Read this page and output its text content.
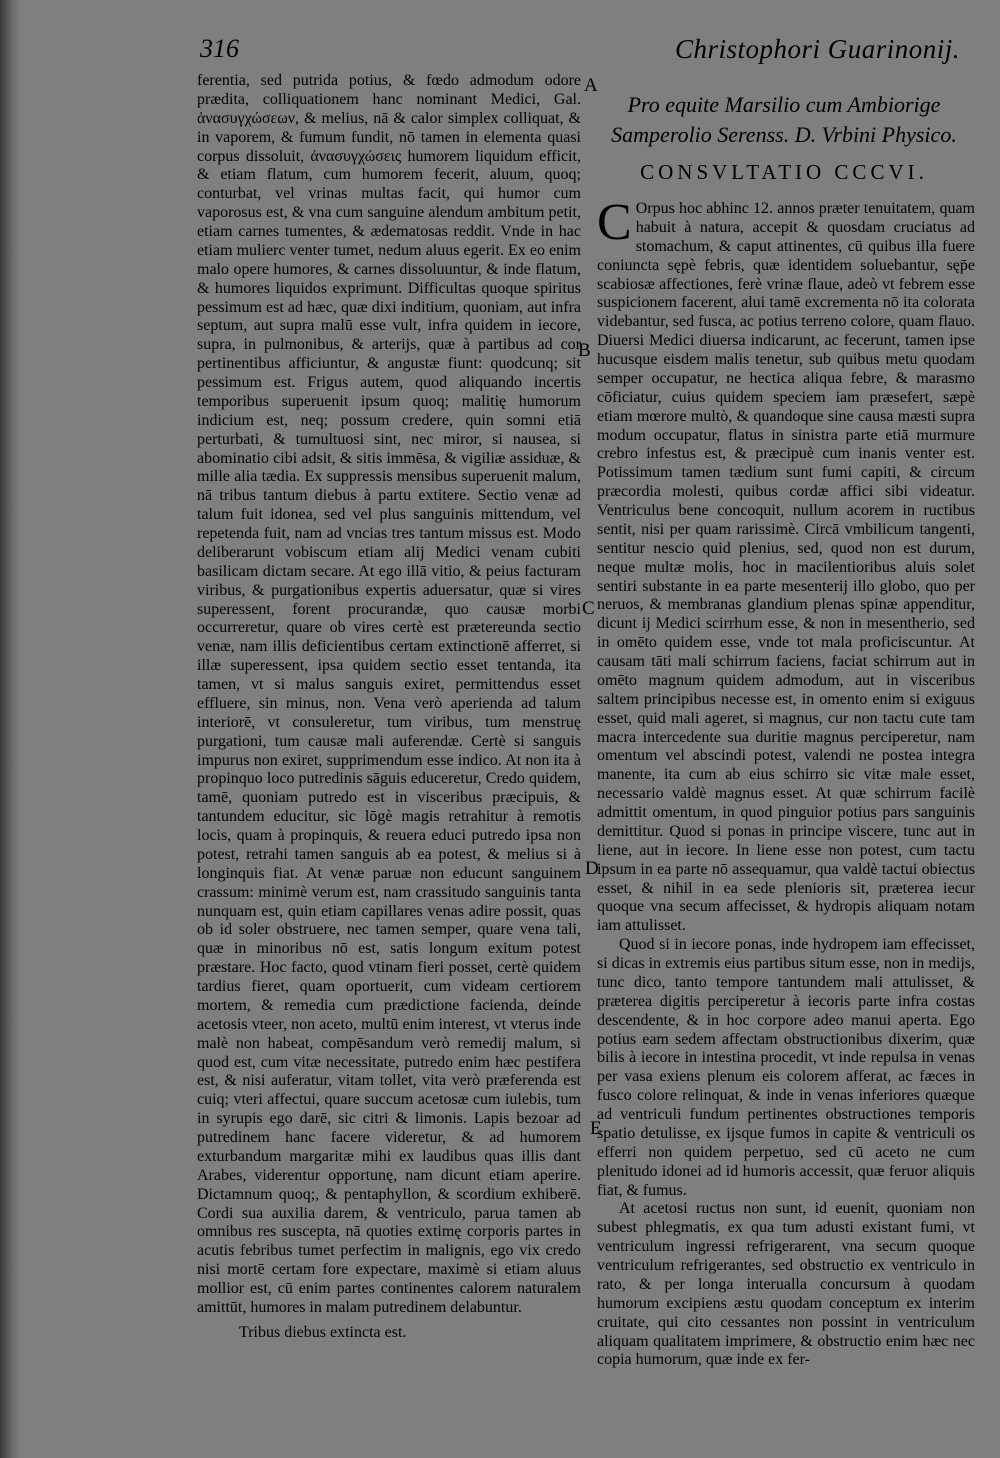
316	Christophori Guarinonij.

ferentia, sed putrida potius, & fœdo admodum odore prædita, colliquationem hanc nominant Medici, Gal. ἀνασυγχώσεων, & melius, nā & calor simplex colliquat, & in vaporem, & fumum fundit, nō tamen in elementa quasi corpus dissoluit, ἀνασυγχώσεις humorem liquidum efficit, & etiam flatum, cum humorem fecerit, aluum, quoq; conturbat, vel vrinas multas facit, qui humor cum vaporosus est, & vna cum sanguine alendum ambitum petit, etiam carnes tumentes, & ædematosas reddit. Vnde in hac etiam mulierc venter tumet, nedum aluus egerit. Ex eo enim malo opere humores, & carnes dissoluuntur, & inde flatum, & humores liquidos exprimunt. Difficultas quoque spiritus pessimum est ad hæc, quæ dixi inditium, quoniam, aut infra septum, aut supra malū esse vult, infra quidem in iecore, supra, in pulmonibus, & arterijs, quæ à partibus ad cor pertinentibus afficiuntur, & angustæ fiunt: quodcunq; sit pessimum est. Frigus autem, quod aliquando incertis temporibus superuenit ipsum quoq; malitię humorum indicium est, neq; possum credere, quin somni etiā perturbati, & tumultuosi sint, nec miror, si nausea, si abominatio cibi adsit, & sitis immēsa, & vigiliæ assiduæ, & mille alia tædia. Ex suppressis mensibus superuenit malum, nā tribus tantum diebus à partu extitere. Sectio venæ ad talum fuit idonea, sed vel plus sanguinis mittendum, vel repetenda fuit, nam ad vncias tres tantum missus est. Modo deliberarunt vobiscum etiam alij Medici venam cubiti basilicam dictam secare. At ego illā vitio, & peius facturam viribus, & purgationibus expertis aduersatur, quæ si vires superessent, forent procurandæ, quo causæ morbi occurreretur, quare ob vires certè est prætereunda sectio venæ, nam illis deficientibus certam extinctionē afferret, si illæ superessent, ipsa quidem sectio esset tentanda, ita tamen, vt si malus sanguis exiret, permittendus esset effluere, sin minus, non. Vena verò aperienda ad talum interiorē, vt consuleretur, tum viribus, tum menstruę purgationi, tum causæ mali auferendæ. Certè si sanguis impurus non exiret, supprimendum esse indico. At non ita à propinquo loco putredinis sāguis educeretur, Credo quidem, tamē, quoniam putredo est in visceribus præcipuis, & tantundem educitur, sic lōgè magis retrahitur à remotis locis, quam à propinquis, & reuera educi putredo ipsa non potest, retrahi tamen sanguis ab ea potest, & melius si à longinquis fiat. At venæ paruæ non educunt sanguinem crassum: minimè verum est, nam crassitudo sanguinis tanta nunquam est, quin etiam capillares venas adire possit, quas ob id soler obstruere, nec tamen semper, quare vena tali, quæ in minoribus nō est, satis longum exitum potest præstare. Hoc facto, quod vtinam fieri posset, certè quidem tardius fieret, quam oportuerit, cum videam certiorem mortem, & remedia cum prædictione facienda, deinde acetosis vteer, non aceto, multū enim interest, vt vterus inde malè non habeat, compēsandum verò remedij malum, si quod est, cum vitæ necessitate, putredo enim hæc pestifera est, & nisi auferatur, vitam tollet, vita verò præferenda est cuiq; vteri affectui, quare succum acetosæ cum iulebis, tum in syrupis ego darē, sic citri & limonis. Lapis bezoar ad putredinem hanc facere videretur, & ad humorem exturbandum margaritæ mihi ex laudibus quas illis dant Arabes, viderentur opportunę, nam dicunt etiam aperire. Dictamnum quoq;, & pentaphyllon, & scordium exhiberē. Cordi sua auxilia darem, & ventriculo, parua tamen ab omnibus res suscepta, nā quoties extimę corporis partes in acutis febribus tumet perfectim in malignis, ego vix credo nisi mortē certam fore expectare, maximè si etiam aluus mollior est, cū enim partes continentes calorem naturalem amittūt, humores in malam putredinem delabuntur.

Tribus diebus extincta est.

A
B
C
D
E
Pro equite Marsilio cum Ambiorige Samperolio Serenss. D. Vrbini Physico.
CONSVLTATIO CCCVI.

C Orpus hoc abhinc 12. annos præter tenuitatem, quam habuit à natura, accepit & quosdam cruciatus ad stomachum, & caput attinentes, cū quibus illa fuere coniuncta sępè febris, quæ identidem soluebantur, sęp̄e scabiosæ affectiones, ferè vrinæ flaue, adeò vt febrem esse suspicionem facerent, alui tamē excrementa nō ita colorata videbantur, sed fusca, ac potius terreno colore, quam flauo. Diuersi Medici diuersa indicarunt, ac fecerunt, tamen ipse hucusque eisdem malis tenetur, sub quibus metu quodam semper occupatur, ne hectica aliqua febre, & marasmo cōficiatur, cuius quidem speciem iam præsefert, sæpè etiam mœrore multò, & quandoque sine causa mæsti supra modum occupatur, flatus in sinistra parte etiā murmure crebro infestus est, & præcipuè cum inanis venter est. Potissimum tamen tædium sunt fumi capiti, & circum præcordia molesti, quibus cordæ affici sibi videatur. Ventriculus bene concoquit, nullum acorem in ructibus sentit, nisi per quam rarissimè. Circā vmbilicum tangenti, sentitur nescio quid plenius, sed, quod non est durum, neque multæ molis, hoc in macilentioribus aluis solet sentiri substante in ea parte mesenterij illo globo, quo per neruos, & membranas glandium plenas spinæ appenditur, dicunt ij Medici scirrhum esse, & non in mesentherio, sed in omēto quidem esse, vnde tot mala proficiscuntur. At causam tāti mali schirrum faciens, faciat schirrum aut in omēto magnum quidem admodum, aut in visceribus saltem principibus necesse est, in omento enim si exiguus esset, quid mali ageret, si magnus, cur non tactu cute tam macra intercedente sua duritie magnus perciperetur, nam omentum vel abscindi potest, valendi ne postea integra manente, ita cum ab eius schirro sic vitæ male esset, necessario valdè magnus esset. At quæ schirrum facilè admittit omentum, in quod pinguior potius pars sanguinis demittitur. Quod si ponas in principe viscere, tunc aut in liene, aut in iecore. In liene esse non potest, cum tactu ipsum in ea parte nō assequamur, qua valdè tactui obiectus esset, & nihil in ea sede plenioris sit, præterea iecur quoque vna secum affecisset, & hydropis aliquam notam iam attulisset.

Quod si in iecore ponas, inde hydropem iam effecisset, si dicas in extremis eius partibus situm esse, non in medijs, tunc dico, tanto tempore tantundem mali attulisset, & præterea digitis perciperetur à iecoris parte infra costas descendente, & in hoc corpore adeo manui aperta. Ego potius eam sedem affectam obstructionibus dixerim, quæ bilis à iecore in intestina procedit, vt inde repulsa in venas per vasa exiens plenum eis colorem afferat, ac fæces in fusco colore relinquat, & inde in venas inferiores quæque ad ventriculi fundum pertinentes obstructiones temporis spatio detulisse, ex ijsque fumos in capite & ventriculi os efferri non quidem perpetuo, sed cū aceto ne cum plenitudo idonei ad id humoris accessit, quæ feruor aliquis fiat, & fumus.

At acetosi ructus non sunt, id euenit, quoniam non subest phlegmatis, ex qua tum adusti existant fumi, vt ventriculum ingressi refrigerarent, vna secum quoque ventriculum refrigerantes, sed obstructio ex ventriculo in rato, & per longa interualla concursum à quodam humorum excipiens æstu quodam conceptum ex interim cruitate, qui cito cessantes non possint in ventriculum aliquam qualitatem imprimere, & obstructio enim hæc nec copia humorum, quæ inde ex fer-
